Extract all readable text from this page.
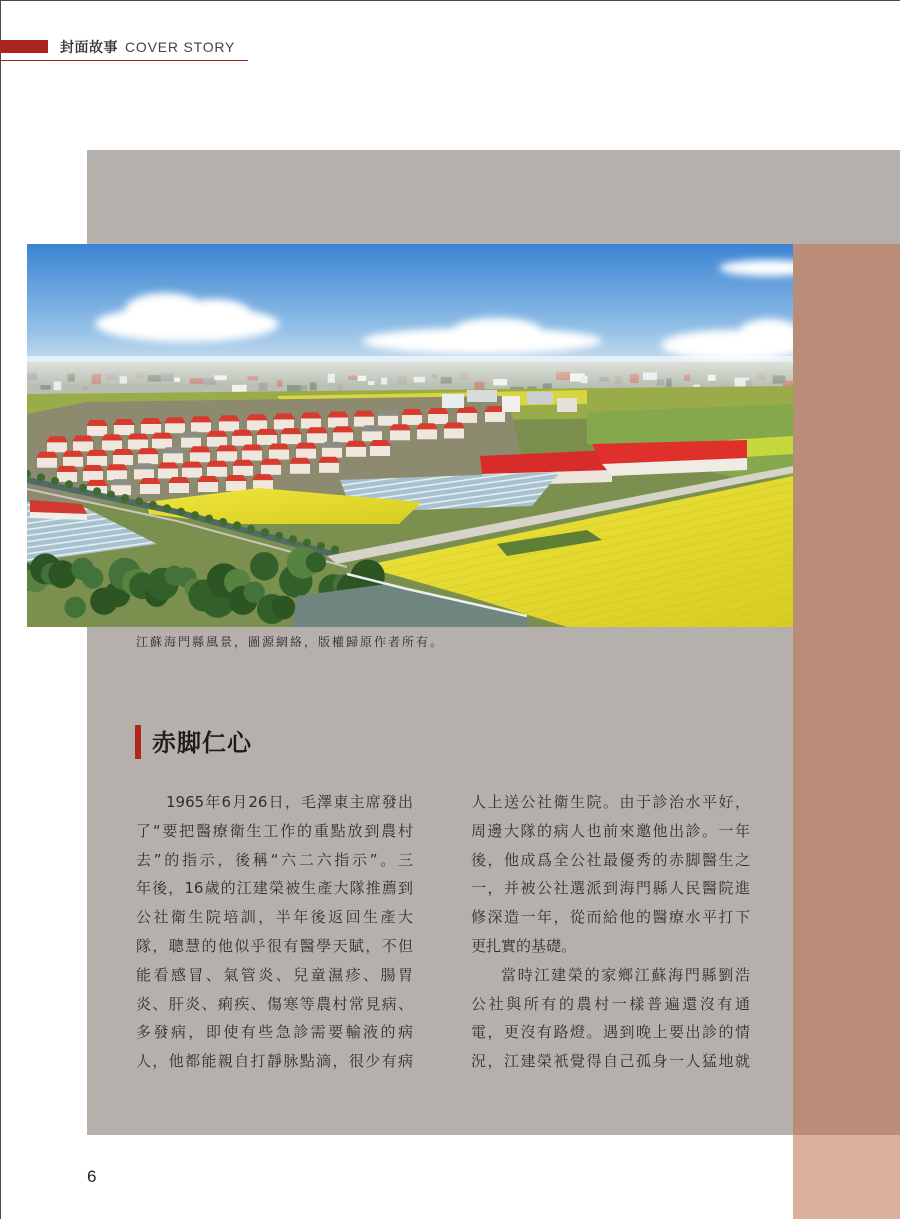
封面故事 COVER STORY
江蘇海門縣風景，圖源網絡，版權歸原作者所有。
赤脚仁心
1965年6月26日，毛澤東主席發出
了“要把醫療衛生工作的重點放到農村
去”的指示，後稱“六二六指示”。三
年後，16歲的江建榮被生產大隊推薦到
公社衛生院培訓，半年後返回生產大
隊，聰慧的他似乎很有醫學天賦，不但
能看感冒、氣管炎、兒童濕疹、腸胃
炎、肝炎、痢疾、傷寒等農村常見病、
多發病，即使有些急診需要輸液的病
人，他都能親自打靜脉點滴，很少有病
人上送公社衛生院。由于診治水平好，
周邊大隊的病人也前來邀他出診。一年
後，他成爲全公社最優秀的赤脚醫生之
一，并被公社選派到海門縣人民醫院進
修深造一年，從而給他的醫療水平打下
更扎實的基礎。
當時江建榮的家鄉江蘇海門縣劉浩
公社與所有的農村一樣普遍還沒有通
電，更沒有路燈。遇到晚上要出診的情
況，江建榮衹覺得自己孤身一人猛地就
6
